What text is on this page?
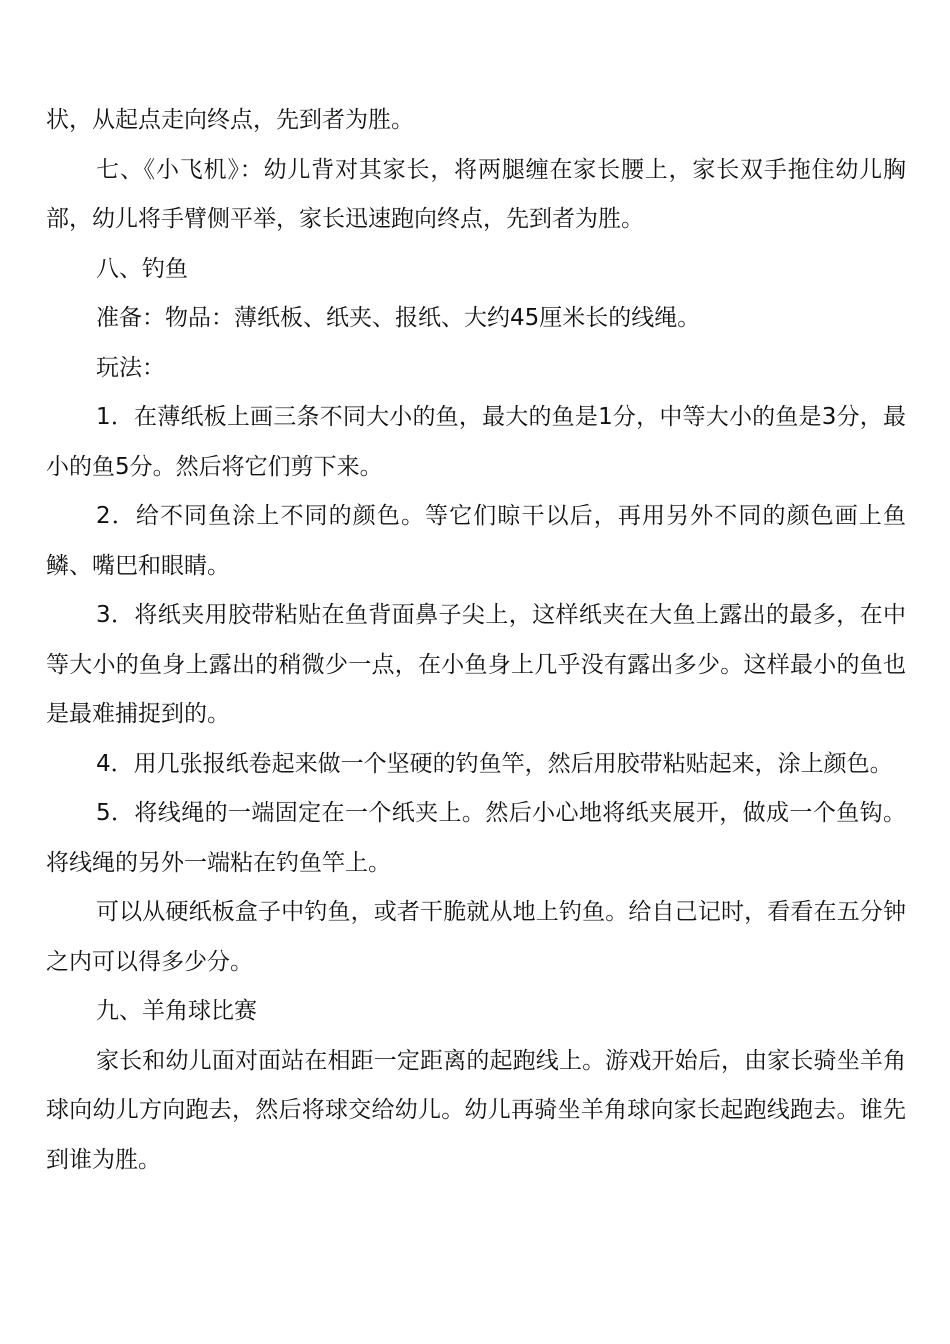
状，从起点走向终点，先到者为胜。

七、《小飞机》：幼儿背对其家长，将两腿缠在家长腰上，家长双手拖住幼儿胸部，幼儿将手臂侧平举，家长迅速跑向终点，先到者为胜。

八、钓鱼

准备：物品：薄纸板、纸夹、报纸、大约45厘米长的线绳。

玩法：

1．在薄纸板上画三条不同大小的鱼，最大的鱼是1分，中等大小的鱼是3分，最小的鱼5分。然后将它们剪下来。

2．给不同鱼涂上不同的颜色。等它们晾干以后，再用另外不同的颜色画上鱼鳞、嘴巴和眼睛。

3．将纸夹用胶带粘贴在鱼背面鼻子尖上，这样纸夹在大鱼上露出的最多，在中等大小的鱼身上露出的稍微少一点，在小鱼身上几乎没有露出多少。这样最小的鱼也是最难捕捉到的。

4．用几张报纸卷起来做一个坚硬的钓鱼竿，然后用胶带粘贴起来，涂上颜色。

5．将线绳的一端固定在一个纸夹上。然后小心地将纸夹展开，做成一个鱼钩。将线绳的另外一端粘在钓鱼竿上。

可以从硬纸板盒子中钓鱼，或者干脆就从地上钓鱼。给自己记时，看看在五分钟之内可以得多少分。

九、羊角球比赛

家长和幼儿面对面站在相距一定距离的起跑线上。游戏开始后，由家长骑坐羊角球向幼儿方向跑去，然后将球交给幼儿。幼儿再骑坐羊角球向家长起跑线跑去。谁先到谁为胜。
